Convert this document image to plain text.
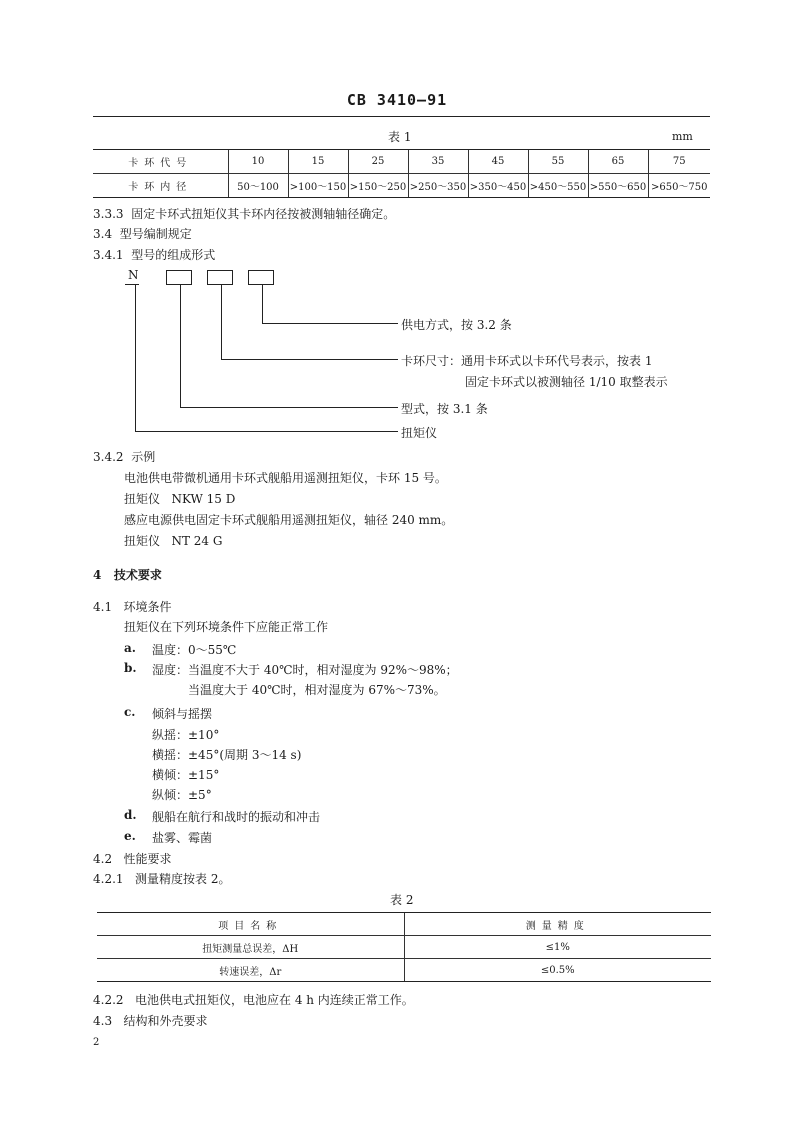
CB 3410—91
表 1	mm
卡环代号	10	15	25	35	45	55	65	75
卡环内径	50～100	>100～150	>150～250	>250～350	>350～450	>450～550	>550～650	>650～750
3.3.3 固定卡环式扭矩仪其卡环内径按被测轴轴径确定。
3.4 型号编制规定
3.4.1 型号的组成形式
N
供电方式，按 3.2 条
卡环尺寸：通用卡环式以卡环代号表示，按表 1
固定卡环式以被测轴径 1/10 取整表示
型式，按 3.1 条
扭矩仪
3.4.2 示例
电池供电带微机通用卡环式舰船用遥测扭矩仪，卡环 15 号。
扭矩仪   NKW 15 D
感应电源供电固定卡环式舰船用遥测扭矩仪，轴径 240 mm。
扭矩仪   NT 24 G
4 技术要求
4.1 环境条件
扭矩仪在下列环境条件下应能正常工作
a. 温度：0～55℃
b. 湿度：当温度不大于 40℃时，相对湿度为 92%～98%；
当温度大于 40℃时，相对湿度为 67%～73%。
c. 倾斜与摇摆
纵摇：±10°
横摇：±45°(周期 3～14 s)
横倾：±15°
纵倾：±5°
d. 舰船在航行和战时的振动和冲击
e. 盐雾、霉菌
4.2 性能要求
4.2.1 测量精度按表 2。
表 2
项目名称	测量精度
扭矩测量总误差，ΔH	≤1%
转速误差，Δr	≤0.5%
4.2.2 电池供电式扭矩仪，电池应在 4 h 内连续正常工作。
4.3 结构和外壳要求
2
